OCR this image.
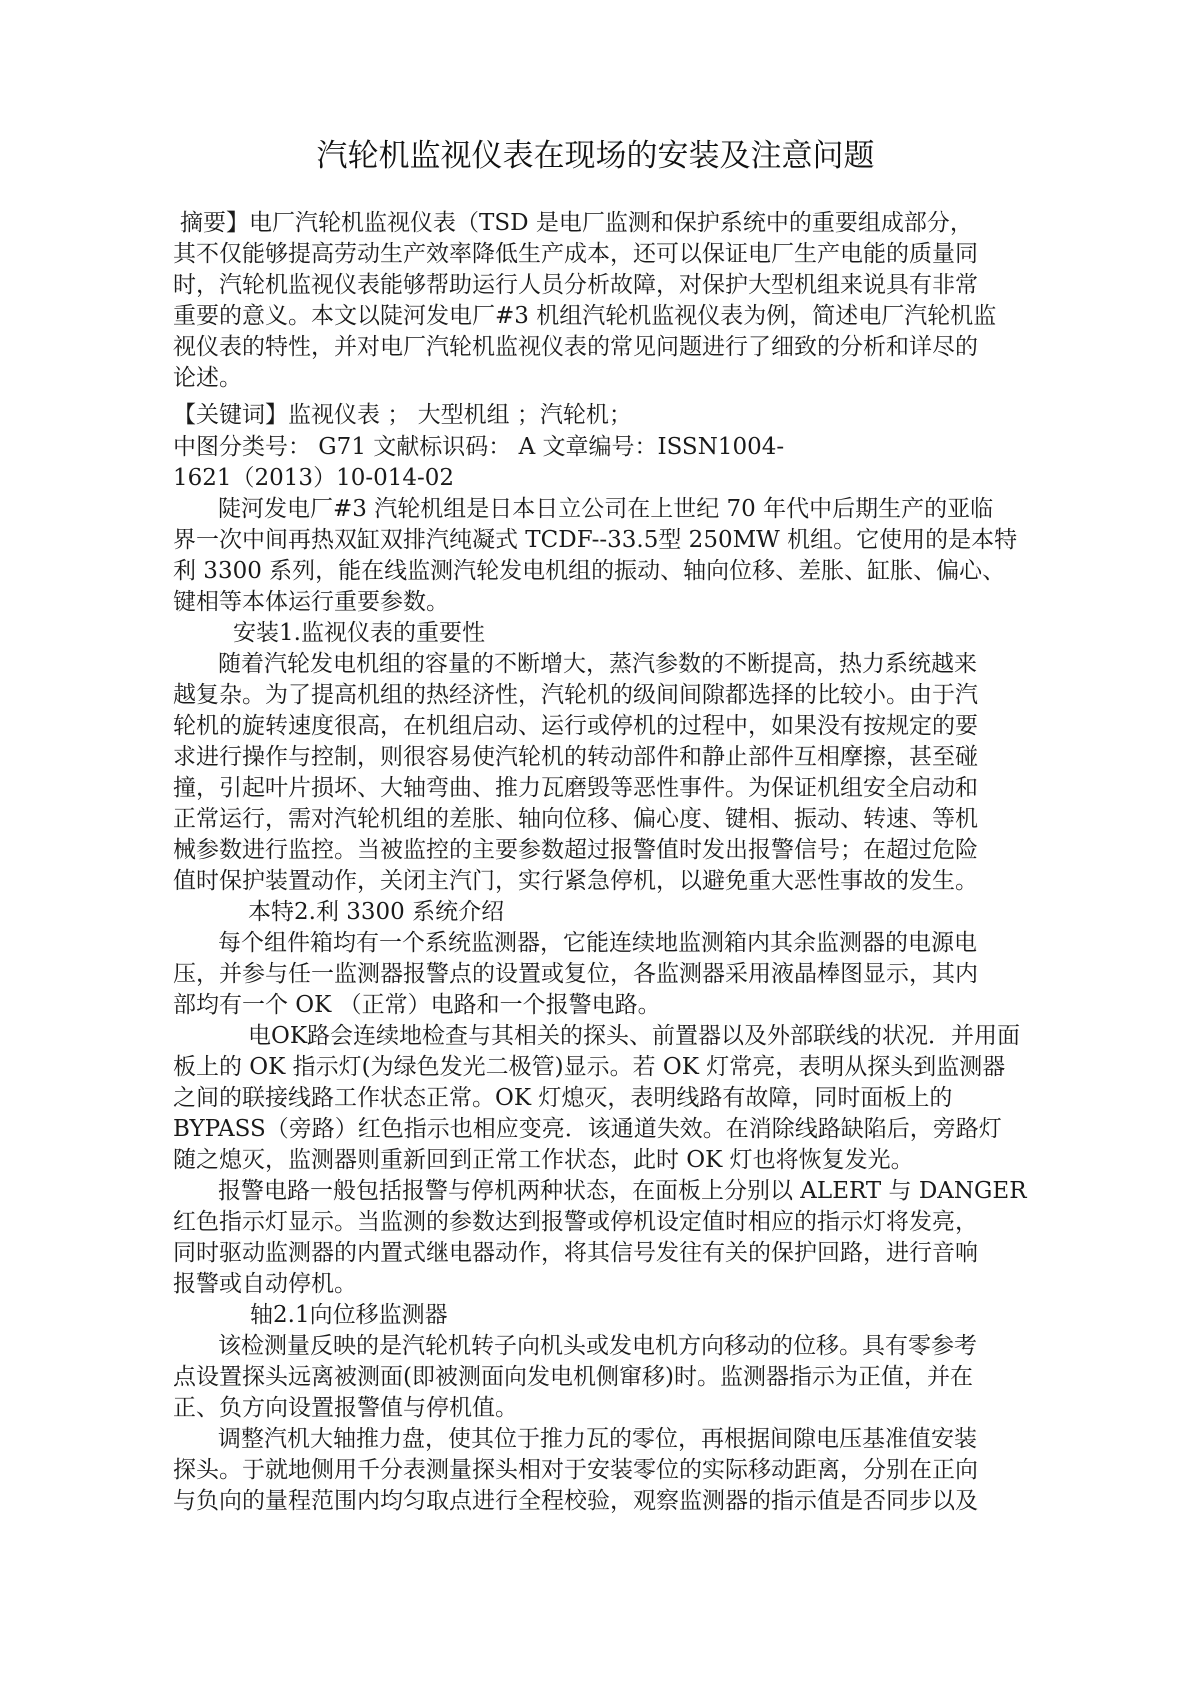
汽轮机监视仪表在现场的安装及注意问题
摘要】电厂汽轮机监视仪表（TSD 是电厂监测和保护系统中的重要组成部分，
其不仅能够提高劳动生产效率降低生产成本，还可以保证电厂生产电能的质量同
时，汽轮机监视仪表能够帮助运行人员分析故障，对保护大型机组来说具有非常
重要的意义。本文以陡河发电厂#3 机组汽轮机监视仪表为例，简述电厂汽轮机监
视仪表的特性，并对电厂汽轮机监视仪表的常见问题进行了细致的分析和详尽的
论述。
【关键词】监视仪表 ； 大型机组 ；汽轮机；
中图分类号： G71 文献标识码： A 文章编号：ISSN1004-
1621（2013）10-014-02
陡河发电厂#3 汽轮机组是日本日立公司在上世纪 70 年代中后期生产的亚临
界一次中间再热双缸双排汽纯凝式 TCDF--33.5型 250MW 机组。它使用的是本特
利 3300 系列，能在线监测汽轮发电机组的振动、轴向位移、差胀、缸胀、偏心、
键相等本体运行重要参数。
安装1.监视仪表的重要性
随着汽轮发电机组的容量的不断增大，蒸汽参数的不断提高，热力系统越来
越复杂。为了提高机组的热经济性，汽轮机的级间间隙都选择的比较小。由于汽
轮机的旋转速度很高，在机组启动、运行或停机的过程中，如果没有按规定的要
求进行操作与控制，则很容易使汽轮机的转动部件和静止部件互相摩擦，甚至碰
撞，引起叶片损坏、大轴弯曲、推力瓦磨毁等恶性事件。为保证机组安全启动和
正常运行，需对汽轮机组的差胀、轴向位移、偏心度、键相、振动、转速、等机
械参数进行监控。当被监控的主要参数超过报警值时发出报警信号；在超过危险
值时保护装置动作，关闭主汽门，实行紧急停机，以避免重大恶性事故的发生。
本特2.利 3300 系统介绍
每个组件箱均有一个系统监测器，它能连续地监测箱内其余监测器的电源电
压，并参与任一监测器报警点的设置或复位，各监测器采用液晶棒图显示，其内
部均有一个 OK （正常）电路和一个报警电路。
电OK路会连续地检查与其相关的探头、前置器以及外部联线的状况．并用面
板上的 OK 指示灯(为绿色发光二极管)显示。若 OK 灯常亮，表明从探头到监测器
之间的联接线路工作状态正常。OK 灯熄灭，表明线路有故障，同时面板上的
BYPASS（旁路）红色指示也相应变亮．该通道失效。在消除线路缺陷后，旁路灯
随之熄灭，监测器则重新回到正常工作状态，此时 OK 灯也将恢复发光。
报警电路一般包括报警与停机两种状态，在面板上分别以 ALERT 与 DANGER
红色指示灯显示。当监测的参数达到报警或停机设定值时相应的指示灯将发亮，
同时驱动监测器的内置式继电器动作，将其信号发往有关的保护回路，进行音响
报警或自动停机。
轴2.1向位移监测器
该检测量反映的是汽轮机转子向机头或发电机方向移动的位移。具有零参考
点设置探头远离被测面(即被测面向发电机侧窜移)时。监测器指示为正值，并在
正、负方向设置报警值与停机值。
调整汽机大轴推力盘，使其位于推力瓦的零位，再根据间隙电压基准值安装
探头。于就地侧用千分表测量探头相对于安装零位的实际移动距离，分别在正向
与负向的量程范围内均匀取点进行全程校验，观察监测器的指示值是否同步以及
